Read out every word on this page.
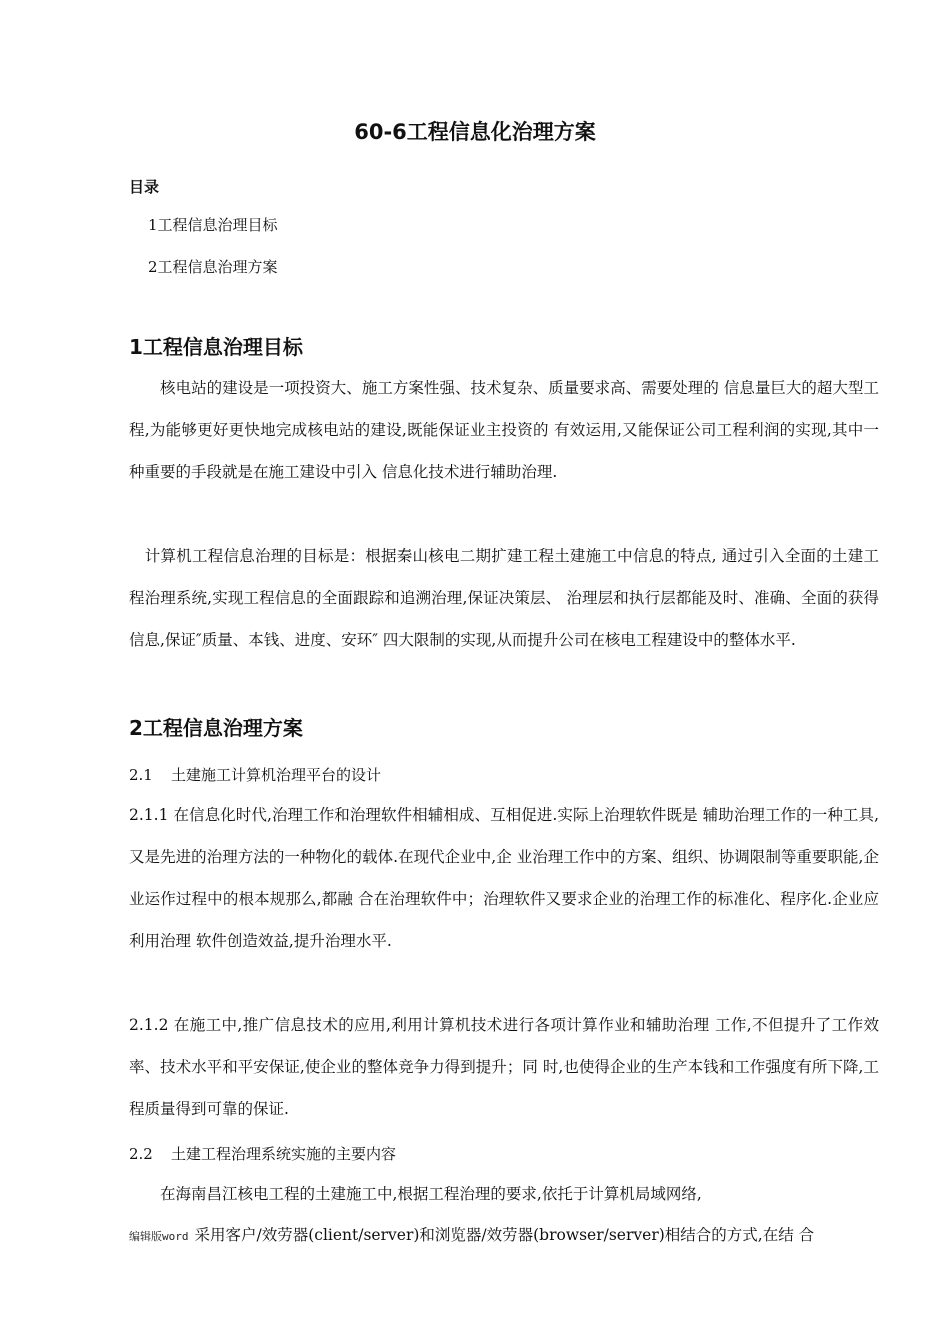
60-6工程信息化治理方案
目录
1工程信息治理目标
2工程信息治理方案
1工程信息治理目标

　　核电站的建设是一项投资大、施工方案性强、技术复杂、质量要求高、需要处理的 信息量巨大的超大型工程,为能够更好更快地完成核电站的建设,既能保证业主投资的 有效运用,又能保证公司工程利润的实现,其中一种重要的手段就是在施工建设中引入 信息化技术进行辅助治理.

　计算机工程信息治理的目标是：根据秦山核电二期扩建工程土建施工中信息的特点, 通过引入全面的土建工程治理系统,实现工程信息的全面跟踪和追溯治理,保证决策层、 治理层和执行层都能及时、准确、全面的获得信息,保证″质量、本钱、进度、安环″ 四大限制的实现,从而提升公司在核电工程建设中的整体水平.

2工程信息治理方案
2.1 土建施工计算机治理平台的设计

2.1.1 在信息化时代,治理工作和治理软件相辅相成、互相促进.实际上治理软件既是 辅助治理工作的一种工具,又是先进的治理方法的一种物化的载体.在现代企业中,企 业治理工作中的方案、组织、协调限制等重要职能,企业运作过程中的根本规那么,都融 合在治理软件中；治理软件又要求企业的治理工作的标准化、程序化.企业应利用治理 软件创造效益,提升治理水平.

2.1.2 在施工中,推广信息技术的应用,利用计算机技术进行各项计算作业和辅助治理 工作,不但提升了工作效率、技术水平和平安保证,使企业的整体竞争力得到提升；同 时,也使得企业的生产本钱和工作强度有所下降,工程质量得到可靠的保证.

2.2 土建工程治理系统实施的主要内容

　　在海南昌江核电工程的土建施工中,根据工程治理的要求,依托于计算机局域网络,

编辑版word 采用客户/效劳器(client/server)和浏览器/效劳器(browser/server)相结合的方式,在结 合
